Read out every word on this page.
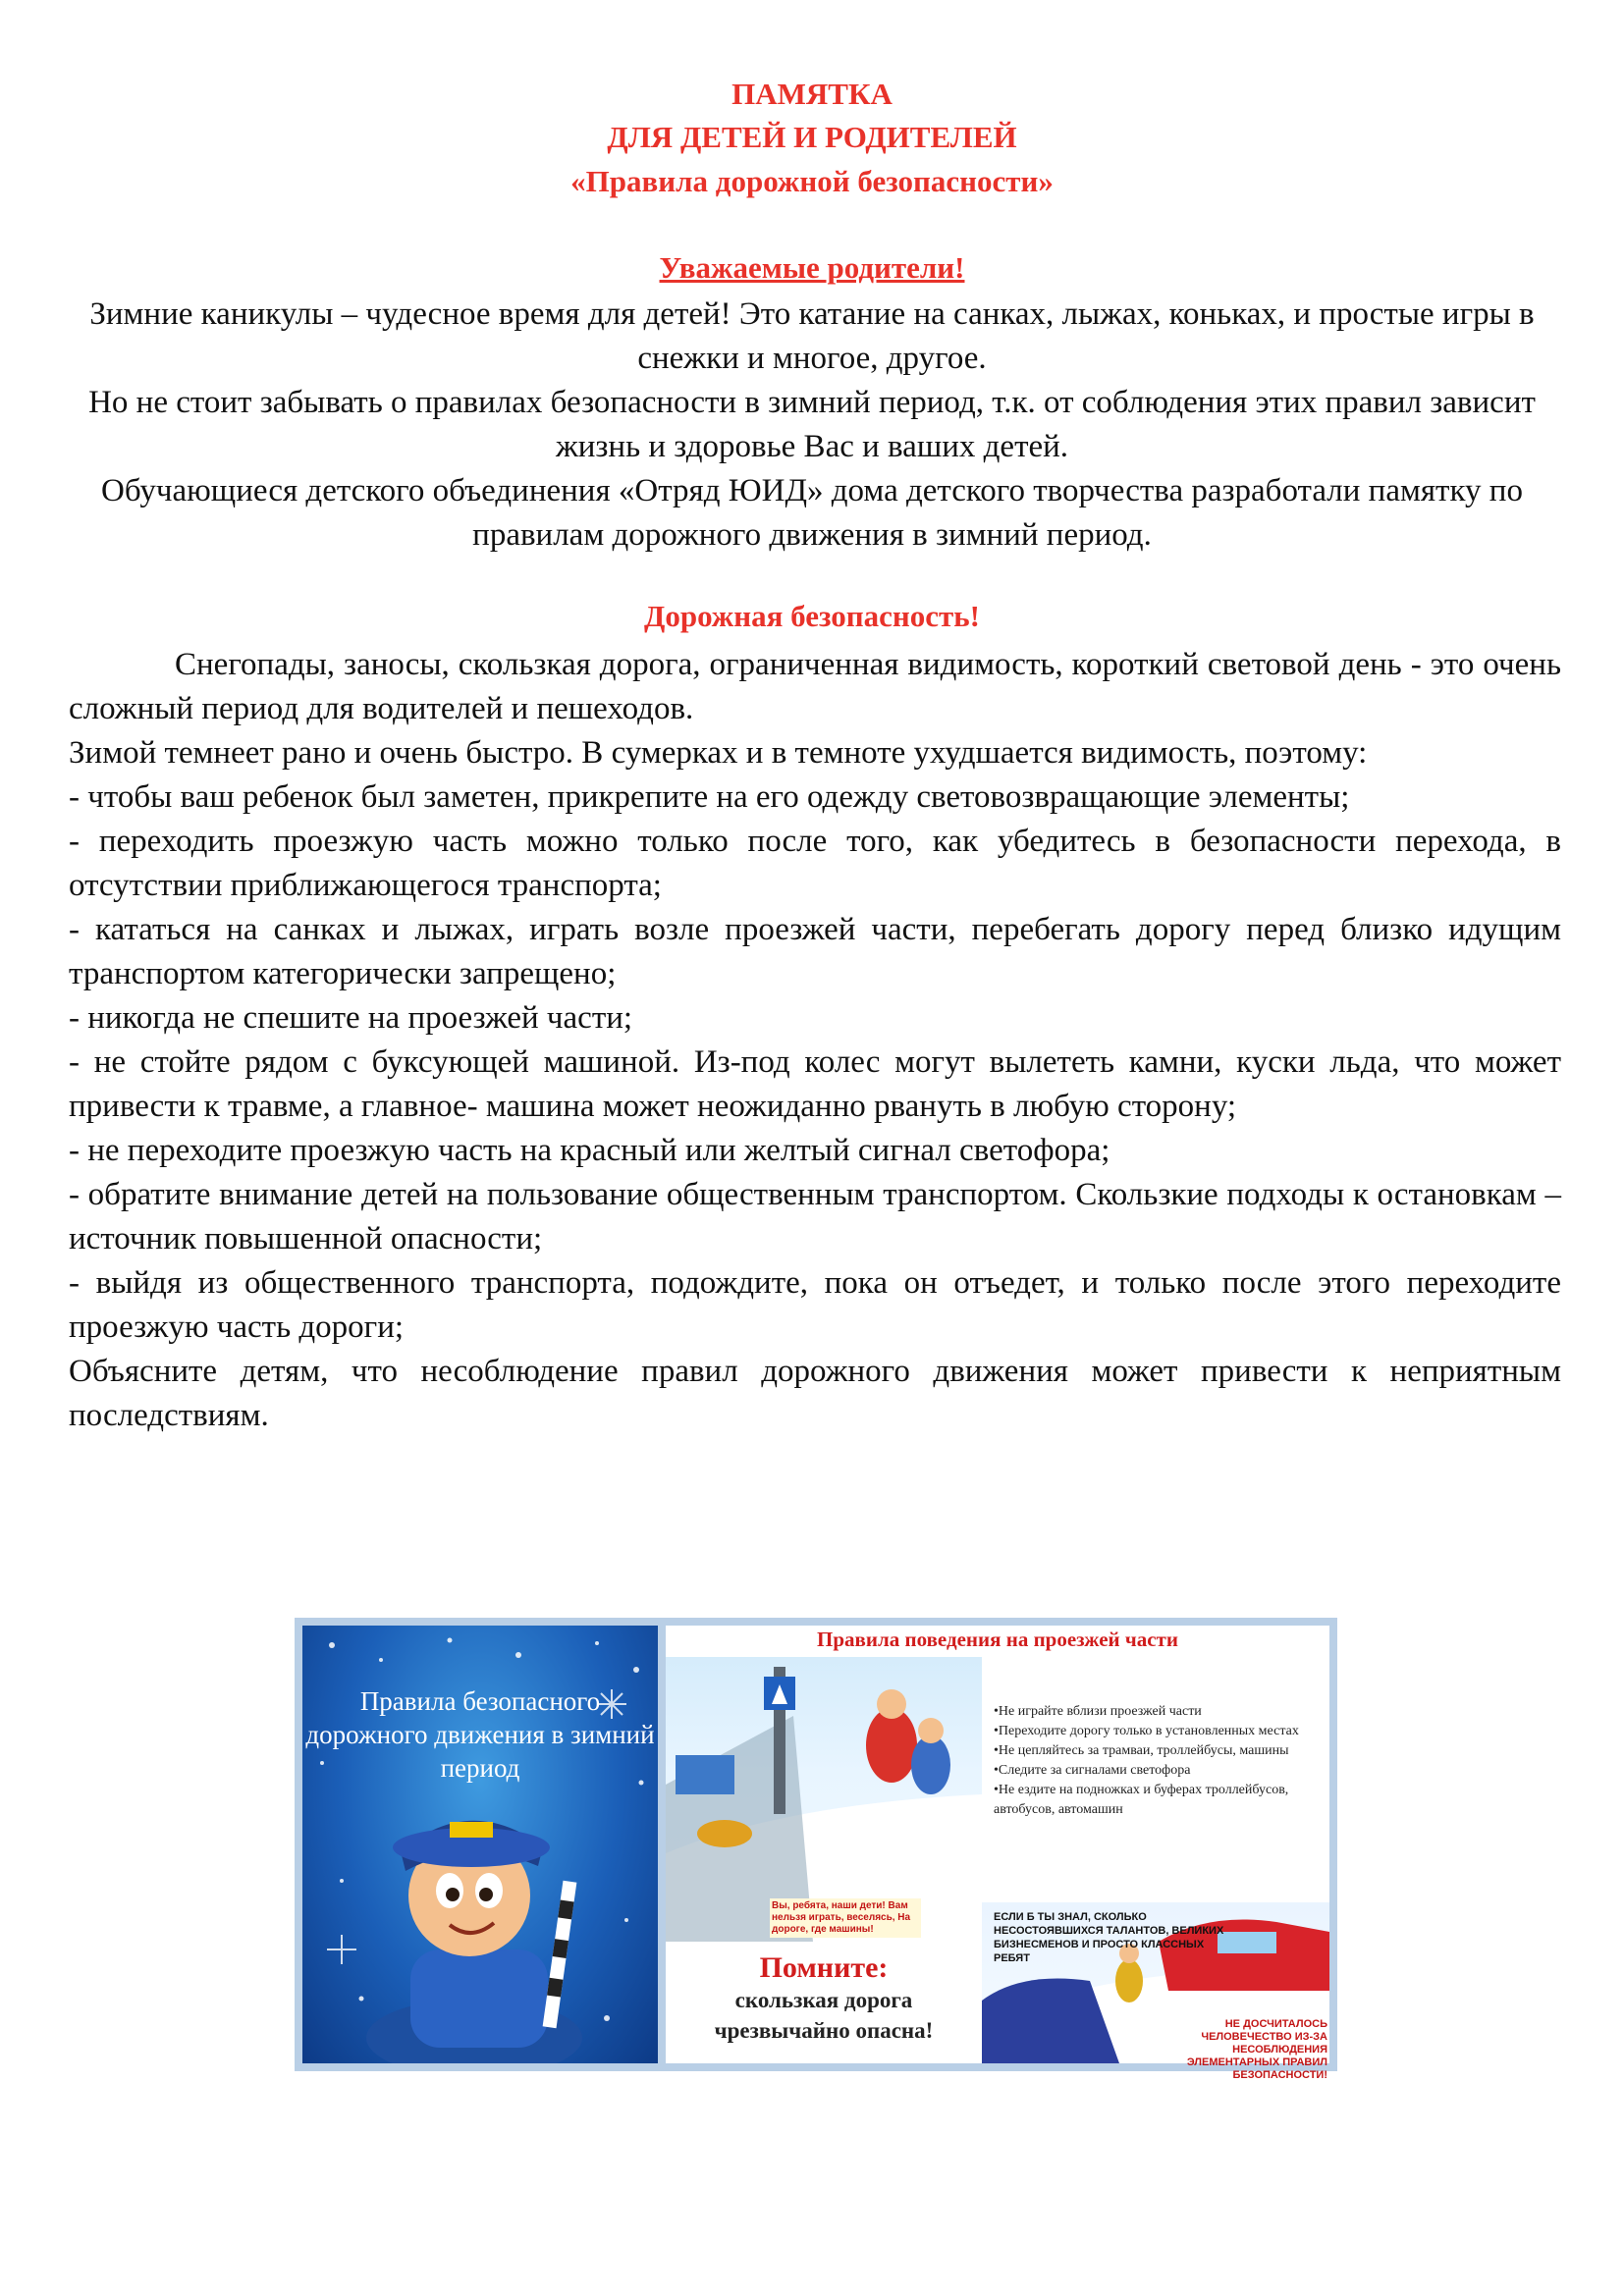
ПАМЯТКА
ДЛЯ ДЕТЕЙ И РОДИТЕЛЕЙ
«Правила дорожной безопасности»
Уважаемые родители!

Зимние каникулы – чудесное время для детей! Это катание на санках, лыжах, коньках, и простые игры в снежки и многое, другое.

Но не стоит забывать о правилах безопасности в зимний период, т.к. от соблюдения этих правил зависит жизнь и здоровье Вас и ваших детей.

Обучающиеся детского объединения «Отряд ЮИД» дома детского творчества разработали памятку по правилам дорожного движения в зимний период.

Дорожная безопасность!

Снегопады, заносы, скользкая дорога, ограниченная видимость, короткий световой день - это очень сложный период для водителей и пешеходов.

Зимой темнеет рано и очень быстро. В сумерках и в темноте ухудшается видимость, поэтому:

- чтобы ваш ребенок был заметен, прикрепите на его одежду световозвращающие элементы;

- переходить проезжую часть можно только после того, как убедитесь в безопасности перехода, в отсутствии приближающегося транспорта;

- кататься на санках и лыжах, играть возле проезжей части, перебегать дорогу перед близко идущим транспортом категорически запрещено;

- никогда не спешите на проезжей части;

- не стойте рядом с буксующей машиной. Из-под колес могут вылететь камни, куски льда, что может привести к травме, а главное- машина может неожиданно рвануть в любую сторону;

- не переходите проезжую часть на красный или желтый сигнал светофора;

- обратите внимание детей на пользование общественным транспортом. Скользкие подходы к остановкам –источник повышенной опасности;

- выйдя из общественного транспорта, подождите, пока он отъедет, и только после этого переходите проезжую часть дороги;

Объясните детям, что несоблюдение правил дорожного движения может привести к неприятным последствиям.

Правила безопасного дорожного движения в зимний период
Вы, ребята, наши дети! Вам нельзя играть, веселясь, На дороге, где машины!
Правила поведения на проезжей части
•Не играйте вблизи проезжей части
•Переходите дорогу только в установленных местах
•Не цепляйтесь за трамваи, троллейбусы, машины
•Следите за сигналами светофора
•Не ездите на подножках и буферах троллейбусов, автобусов, автомашин
Помните:
скользкая дорога чрезвычайно опасна!
ЕСЛИ Б ТЫ ЗНАЛ, СКОЛЬКО НЕСОСТОЯВШИХСЯ ТАЛАНТОВ, ВЕЛИКИХ БИЗНЕСМЕНОВ И ПРОСТО КЛАССНЫХ РЕБЯТ
НЕ ДОСЧИТАЛОСЬ ЧЕЛОВЕЧЕСТВО ИЗ-ЗА НЕСОБЛЮДЕНИЯ ЭЛЕМЕНТАРНЫХ ПРАВИЛ БЕЗОПАСНОСТИ!
